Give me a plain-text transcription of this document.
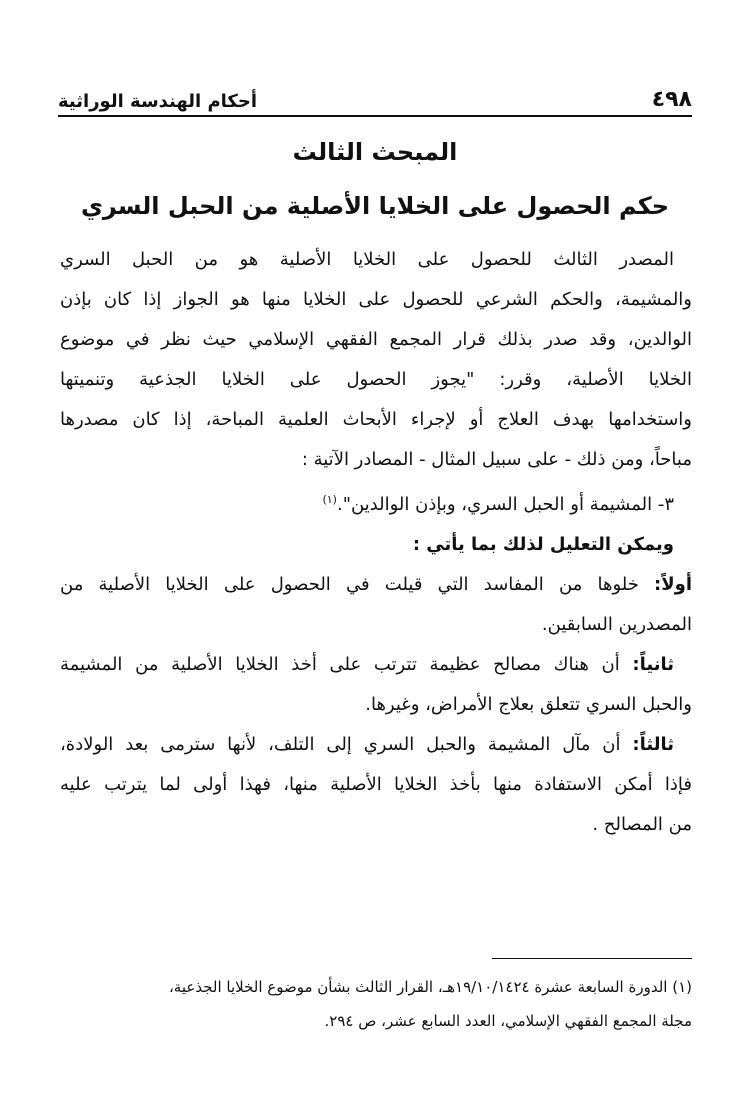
٤٩٨
أحكام الهندسة الوراثية
المبحث الثالث
حكم الحصول على الخلايا الأصلية من الحبل السري
المصدر الثالث للحصول على الخلايا الأصلية هو من الحبل السري
والمشيمة، والحكم الشرعي للحصول على الخلايا منها هو الجواز إذا كان بإذن
الوالدين، وقد صدر بذلك قرار المجمع الفقهي الإسلامي حيث نظر في موضوع
الخلايا الأصلية، وقرر: "يجوز الحصول على الخلايا الجذعية وتنميتها
واستخدامها بهدف العلاج أو لإجراء الأبحاث العلمية المباحة، إذا كان مصدرها
مباحاً، ومن ذلك - على سبيل المثال - المصادر الآتية :
٣- المشيمة أو الحبل السري، وبإذن الوالدين".$^{(١)}$
ويمكن التعليل لذلك بما يأتي :
أولاً: خلوها من المفاسد التي قيلت في الحصول على الخلايا الأصلية من
المصدرين السابقين.
ثانياً: أن هناك مصالح عظيمة تترتب على أخذ الخلايا الأصلية من المشيمة
والحبل السري تتعلق بعلاج الأمراض، وغيرها.
ثالثاً: أن مآل المشيمة والحبل السري إلى التلف، لأنها سترمى بعد الولادة،
فإذا أمكن الاستفادة منها بأخذ الخلايا الأصلية منها، فهذا أولى لما يترتب عليه
من المصالح .
(١) الدورة السابعة عشرة ١٩/١٠/١٤٢٤هـ، القرار الثالث بشأن موضوع الخلايا الجذعية،
مجلة المجمع الفقهي الإسلامي، العدد السابع عشر، ص ٢٩٤.
